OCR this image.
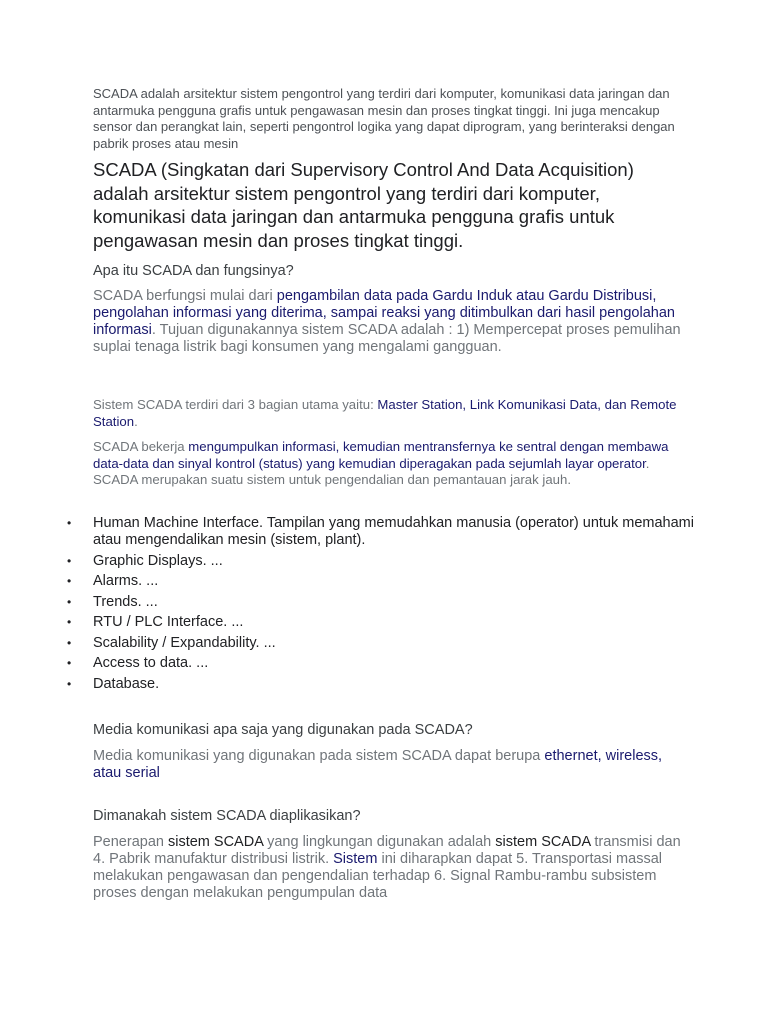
SCADA adalah arsitektur sistem pengontrol yang terdiri dari komputer, komunikasi data jaringan dan antarmuka pengguna grafis untuk pengawasan mesin dan proses tingkat tinggi. Ini juga mencakup sensor dan perangkat lain, seperti pengontrol logika yang dapat diprogram, yang berinteraksi dengan pabrik proses atau mesin

SCADA (Singkatan dari Supervisory Control And Data Acquisition) adalah arsitektur sistem pengontrol yang terdiri dari komputer, komunikasi data jaringan dan antarmuka pengguna grafis untuk pengawasan mesin dan proses tingkat tinggi.

Apa itu SCADA dan fungsinya?

SCADA berfungsi mulai dari pengambilan data pada Gardu Induk atau Gardu Distribusi, pengolahan informasi yang diterima, sampai reaksi yang ditimbulkan dari hasil pengolahan informasi. Tujuan digunakannya sistem SCADA adalah : 1) Mempercepat proses pemulihan suplai tenaga listrik bagi konsumen yang mengalami gangguan.

Sistem SCADA terdiri dari 3 bagian utama yaitu: Master Station, Link Komunikasi Data, dan Remote Station.

SCADA bekerja mengumpulkan informasi, kemudian mentransfernya ke sentral dengan membawa data-data dan sinyal kontrol (status) yang kemudian diperagakan pada sejumlah layar operator. SCADA merupakan suatu sistem untuk pengendalian dan pemantauan jarak jauh.

• Human Machine Interface. Tampilan yang memudahkan manusia (operator) untuk memahami atau mengendalikan mesin (sistem, plant).
• Graphic Displays. ...
• Alarms. ...
• Trends. ...
• RTU / PLC Interface. ...
• Scalability / Expandability. ...
• Access to data. ...
• Database.

Media komunikasi apa saja yang digunakan pada SCADA?

Media komunikasi yang digunakan pada sistem SCADA dapat berupa ethernet, wireless, atau serial

Dimanakah sistem SCADA diaplikasikan?

Penerapan sistem SCADA yang lingkungan digunakan adalah sistem SCADA transmisi dan 4. Pabrik manufaktur distribusi listrik. Sistem ini diharapkan dapat 5. Transportasi massal melakukan pengawasan dan pengendalian terhadap 6. Signal Rambu-rambu subsistem proses dengan melakukan pengumpulan data
